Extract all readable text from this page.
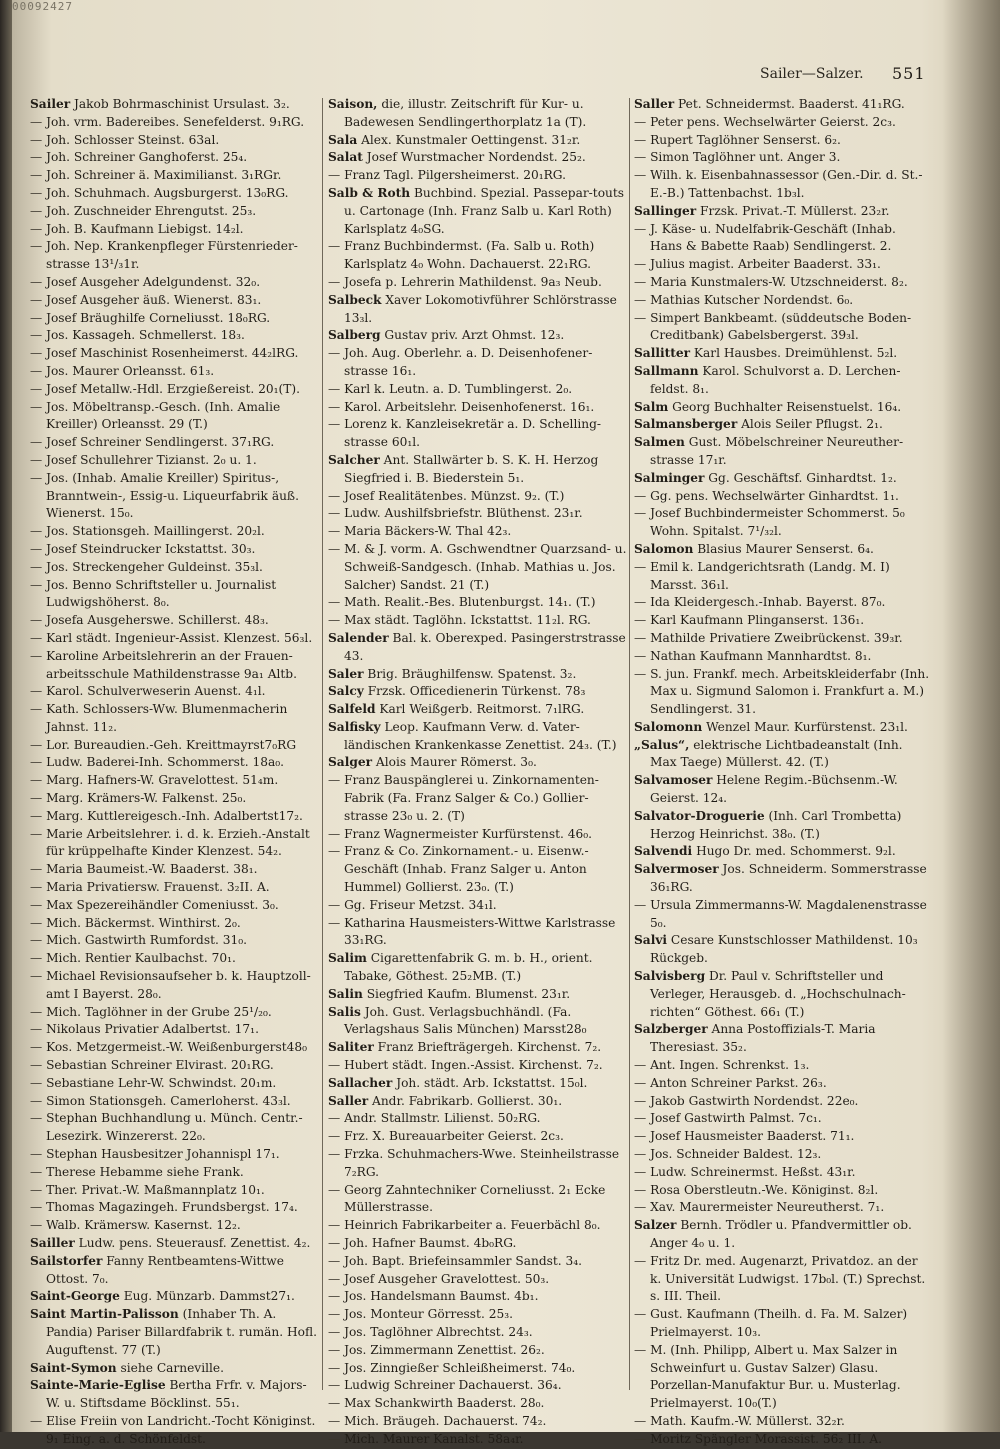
00092427
Sailer—Salzer.	551
Sailer Jakob Bohrmaschinist Ursulast. 3₂.
— Joh. vrm. Badereibes. Senefelderst. 9₁RG.
— Joh. Schlosser Steinst. 63al.
— Joh. Schreiner Ganghoferst. 25₄.
— Joh. Schreiner ä. Maximilianst. 3₁RGr.
— Joh. Schuhmach. Augsburgerst. 13₀RG.
— Joh. Zuschneider Ehrengutst. 25₃.
— Joh. B. Kaufmann Liebigst. 14₂l.
— Joh. Nep. Krankenpfleger Fürstenriederstrasse 13¹/₃1r.
— Josef Ausgeher Adelgundenst. 32₀.
— Josef Ausgeher äuß. Wienerst. 83₁.
— Josef Bräughilfe Corneliusst. 18₀RG.
— Jos. Kassageh. Schmellerst. 18₃.
— Josef Maschinist Rosenheimerst. 44₂lRG.
— Jos. Maurer Orleansst. 61₃.
— Josef Metallw.-Hdl. Erzgießereist. 20₁(T).
— Jos. Möbeltransp.-Gesch. (Inh. Amalie Kreiller) Orleansst. 29 (T.)
— Josef Schreiner Sendlingerst. 37₁RG.
— Josef Schullehrer Tizianst. 2₀ u. 1.
— Jos. (Inhab. Amalie Kreiller) Spiritus-, Branntwein-, Essig-u. Liqueurfabrik äuß. Wienerst. 15₀.
— Jos. Stationsgeh. Maillingerst. 20₂l.
— Josef Steindrucker Ickstattst. 30₃.
— Jos. Streckengeher Guldeinst. 35₃l.
— Jos. Benno Schriftsteller u. Journalist Ludwigshöherst. 8₀.
— Josefa Ausgeherswe. Schillerst. 48₃.
— Karl städt. Ingenieur-Assist. Klenzest. 56₃l.
— Karoline Arbeitslehrerin an der Frauenarbeitsschule Mathildenstrasse 9a₁ Altb.
— Karol. Schulverweserin Auenst. 4₁l.
— Kath. Schlossers-Ww. Blumenmacherin Jahnst. 11₂.
— Lor. Bureaudien.-Geh. Kreittmayrst7₀RG
— Ludw. Baderei-Inh. Schommerst. 18a₀.
— Marg. Hafners-W. Gravelottest. 51₄m.
— Marg. Krämers-W. Falkenst. 25₀.
— Marg. Kuttlereigesch.-Inh. Adalbertst17₂.
— Marie Arbeitslehrer. i. d. k. Erzieh.-Anstalt für krüppelhafte Kinder Klenzest. 54₂.
— Maria Baumeist.-W. Baaderst. 38₁.
— Maria Privatiersw. Frauenst. 3₂II. A.
— Max Spezereihändler Comeniusst. 3₀.
— Mich. Bäckermst. Winthirst. 2₀.
— Mich. Gastwirth Rumfordst. 31₀.
— Mich. Rentier Kaulbachst. 70₁.
— Michael Revisionsaufseher b. k. Hauptzollamt I Bayerst. 28₀.
— Mich. Taglöhner in der Grube 25¹/₂₀.
— Nikolaus Privatier Adalbertst. 17₁.
— Kos. Metzgermeist.-W. Weißenburgerst48₀
— Sebastian Schreiner Elvirast. 20₁RG.
— Sebastiane Lehr-W. Schwindst. 20₁m.
— Simon Stationsgeh. Camerloherst. 43₃l.
— Stephan Buchhandlung u. Münch. Centr.-Lesezirk. Winzererst. 22₀.
— Stephan Hausbesitzer Johannispl 17₁.
— Therese Hebamme siehe Frank.
— Ther. Privat.-W. Maßmannplatz 10₁.
— Thomas Magazingeh. Frundsbergst. 17₄.
— Walb. Krämersw. Kasernst. 12₂.
Sailler Ludw. pens. Steuerausf. Zenettist. 4₂.
Sailstorfer Fanny Rentbeamtens-Wittwe Ottost. 7₀.
Saint-George Eug. Münzarb. Dammst27₁.
Saint Martin-Palisson (Inhaber Th. A. Pandia) Pariser Billardfabrik t. rumän. Hofl. Auguftenst. 77 (T.)
Saint-Symon siehe Carneville.
Sainte-Marie-Eglise Bertha Frfr. v. Majors-W. u. Stiftsdame Böcklinst. 55₁.
— Elise Freiin von Landricht.-Tocht Königinst. 9₁ Eing. a. d. Schönfeldst.
Saison, die, illustr. Zeitschrift für Kur- u. Badewesen Sendlingerthorplatz 1a (T).
Sala Alex. Kunstmaler Oettingenst. 31₂r.
Salat Josef Wurstmacher Nordendst. 25₂.
— Franz Tagl. Pilgersheimerst. 20₁RG.
Salb & Roth Buchbind. Spezial. Passepar-touts u. Cartonage (Inh. Franz Salb u. Karl Roth) Karlsplatz 4₀SG.
— Franz Buchbindermst. (Fa. Salb u. Roth) Karlsplatz 4₀ Wohn. Dachauerst. 22₁RG.
— Josefa p. Lehrerin Mathildenst. 9a₃ Neub.
Salbeck Xaver Lokomotivführer Schlörstrasse 13₃l.
Salberg Gustav priv. Arzt Ohmst. 12₃.
— Joh. Aug. Oberlehr. a. D. Deisenhofenerstrasse 16₁.
— Karl k. Leutn. a. D. Tumblingerst. 2₀.
— Karol. Arbeitslehr. Deisenhofenerst. 16₁.
— Lorenz k. Kanzleisekretär a. D. Schellingstrasse 60₁l.
Salcher Ant. Stallwärter b. S. K. H. Herzog Siegfried i. B. Biederstein 5₁.
— Josef Realitätenbes. Münzst. 9₂. (T.)
— Ludw. Aushilfsbriefstr. Blüthenst. 23₁r.
— Maria Bäckers-W. Thal 42₃.
— M. & J. vorm. A. Gschwendtner Quarzsand- u. Schweiß-Sandgesch. (Inhab. Mathias u. Jos. Salcher) Sandst. 21 (T.)
— Math. Realit.-Bes. Blutenburgst. 14₁. (T.)
— Max städt. Taglöhn. Ickstattst. 11₂l. RG.
Salender Bal. k. Oberexped. Pasingerstrstrasse 43.
Saler Brig. Bräughilfensw. Spatenst. 3₂.
Salcy Frzsk. Officedienerin Türkenst. 78₃
Salfeld Karl Weißgerb. Reitmorst. 7₁lRG.
Salfisky Leop. Kaufmann Verw. d. Vaterländischen Krankenkasse Zenettist. 24₃. (T.)
Salger Alois Maurer Römerst. 3₀.
— Franz Bauspänglerei u. ZinkornamentenFabrik (Fa. Franz Salger & Co.) Gollierstrasse 23₀ u. 2. (T)
— Franz Wagnermeister Kurfürstenst. 46₀.
— Franz & Co. Zinkornament.- u. Eisenw.Geschäft (Inhab. Franz Salger u. Anton Hummel) Gollierst. 23₀. (T.)
— Gg. Friseur Metzst. 34₁l.
— Katharina Hausmeisters-Wittwe Karlstrasse 33₁RG.
Salim Cigarettenfabrik G. m. b. H., orient. Tabake, Göthest. 25₂MB. (T.)
Salin Siegfried Kaufm. Blumenst. 23₁r.
Salis Joh. Gust. Verlagsbuchhändl. (Fa. Verlagshaus Salis München) Marsst28₀
Saliter Franz Briefträgergeh. Kirchenst. 7₂.
— Hubert städt. Ingen.-Assist. Kirchenst. 7₂.
Sallacher Joh. städt. Arb. Ickstattst. 15₀l.
Saller Andr. Fabrikarb. Gollierst. 30₁.
— Andr. Stallmstr. Lilienst. 50₂RG.
— Frz. X. Bureauarbeiter Geierst. 2c₃.
— Frzka. Schuhmachers-Wwe. Steinheilstrasse 7₂RG.
— Georg Zahntechniker Corneliusst. 2₁ Ecke Müllerstrasse.
— Heinrich Fabrikarbeiter a. Feuerbächl 8₀.
— Joh. Hafner Baumst. 4b₀RG.
— Joh. Bapt. Briefeinsammler Sandst. 3₄.
— Josef Ausgeher Gravelottest. 50₃.
— Jos. Handelsmann Baumst. 4b₁.
— Jos. Monteur Görresst. 25₃.
— Jos. Taglöhner Albrechtst. 24₃.
— Jos. Zimmermann Zenettist. 26₂.
— Jos. Zinngießer Schleißheimerst. 74₀.
— Ludwig Schreiner Dachauerst. 36₄.
— Max Schankwirth Baaderst. 28₀.
— Mich. Bräugeh. Dachauerst. 74₂.
— Mich. Maurer Kanalst. 58a₄r.
Saller Pet. Schneidermst. Baaderst. 41₁RG.
— Peter pens. Wechselwärter Geierst. 2c₃.
— Rupert Taglöhner Senserst. 6₂.
— Simon Taglöhner unt. Anger 3.
— Wilh. k. Eisenbahnassessor (Gen.-Dir. d. St.-E.-B.) Tattenbachst. 1b₃l.
Sallinger Frzsk. Privat.-T. Müllerst. 23₂r.
— J. Käse- u. Nudelfabrik-Geschäft (Inhab. Hans & Babette Raab) Sendlingerst. 2.
— Julius magist. Arbeiter Baaderst. 33₁.
— Maria Kunstmalers-W. Utzschneiderst. 8₂.
— Mathias Kutscher Nordendst. 6₀.
— Simpert Bankbeamt. (süddeutsche BodenCreditbank) Gabelsbergerst. 39₃l.
Sallitter Karl Hausbes. Dreimühlenst. 5₂l.
Sallmann Karol. Schulvorst a. D. Lerchenfeldst. 8₁.
Salm Georg Buchhalter Reisenstuelst. 16₄.
Salmansberger Alois Seiler Pflugst. 2₁.
Salmen Gust. Möbelschreiner Neureutherstrasse 17₁r.
Salminger Gg. Geschäftsf. Ginhardtst. 1₂.
— Gg. pens. Wechselwärter Ginhardtst. 1₁.
— Josef Buchbindermeister Schommerst. 5₀ Wohn. Spitalst. 7¹/₃₂l.
Salomon Blasius Maurer Senserst. 6₄.
— Emil k. Landgerichtsrath (Landg. M. I) Marsst. 36₁l.
— Ida Kleidergesch.-Inhab. Bayerst. 87₀.
— Karl Kaufmann Plinganserst. 136₁.
— Mathilde Privatiere Zweibrückenst. 39₃r.
— Nathan Kaufmann Mannhardtst. 8₁.
— S. jun. Frankf. mech. Arbeitskleiderfabr (Inh. Max u. Sigmund Salomon i. Frankfurt a. M.) Sendlingerst. 31.
Salomonn Wenzel Maur. Kurfürstenst. 23₁l.
„Salus“, elektrische Lichtbadeanstalt (Inh. Max Taege) Müllerst. 42. (T.)
Salvamoser Helene Regim.-Büchsenm.-W. Geierst. 12₄.
Salvator-Droguerie (Inh. Carl Trombetta) Herzog Heinrichst. 38₀. (T.)
Salvendi Hugo Dr. med. Schommerst. 9₂l.
Salvermoser Jos. Schneiderm. Sommerstrasse 36₁RG.
— Ursula Zimmermanns-W. Magdalenenstrasse 5₀.
Salvi Cesare Kunstschlosser Mathildenst. 10₃ Rückgeb.
Salvisberg Dr. Paul v. Schriftsteller und Verleger, Herausgeb. d. „Hochschulnachrichten“ Göthest. 66₁ (T.)
Salzberger Anna Postoffizials-T. Maria Theresiast. 35₂.
— Ant. Ingen. Schrenkst. 1₃.
— Anton Schreiner Parkst. 26₃.
— Jakob Gastwirth Nordendst. 22e₀.
— Josef Gastwirth Palmst. 7c₁.
— Josef Hausmeister Baaderst. 71₁.
— Jos. Schneider Baldest. 12₃.
— Ludw. Schreinermst. Heßst. 43₁r.
— Rosa Oberstleutn.-We. Königinst. 8₂l.
— Xav. Maurermeister Neureutherst. 7₁.
Salzer Bernh. Trödler u. Pfandvermittler ob. Anger 4₀ u. 1.
— Fritz Dr. med. Augenarzt, Privatdoz. an der k. Universität Ludwigst. 17b₀l. (T.) Sprechst. s. III. Theil.
— Gust. Kaufmann (Theilh. d. Fa. M. Salzer) Prielmayerst. 10₃.
— M. (Inh. Philipp, Albert u. Max Salzer in Schweinfurt u. Gustav Salzer) Glasu. Porzellan-Manufaktur Bur. u. Musterlag. Prielmayerst. 10₀(T.)
— Math. Kaufm.-W. Müllerst. 32₂r.
— Moritz Spängler Morassist. 56₂ III. A.
